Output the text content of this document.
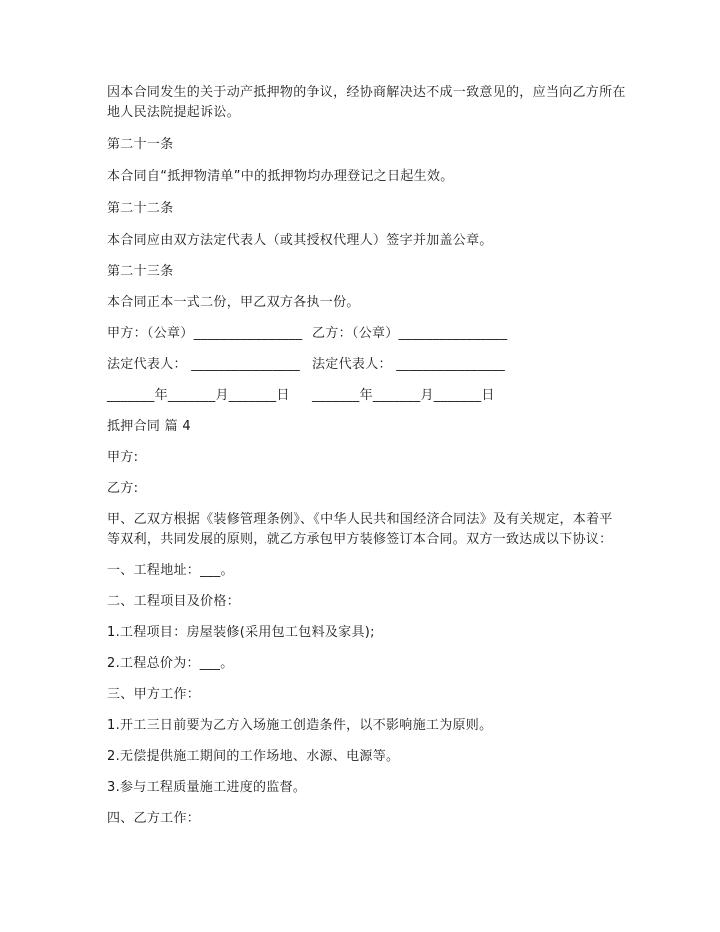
因本合同发生的关于动产抵押物的争议，经协商解决达不成一致意见的，应当向乙方所在
地人民法院提起诉讼。
第二十一条
本合同自“抵押物清单”中的抵押物均办理登记之日起生效。
第二十二条
本合同应由双方法定代表人（或其授权代理人）签字并加盖公章。
第二十三条
本合同正本一式二份，甲乙双方各执一份。
甲方：（公章）________________ 乙方：（公章）________________
法定代表人： ________________ 法定代表人： ________________
_______年_______月_______日 _______年_______月_______日
抵押合同 篇 4
甲方:
乙方:
甲、乙双方根据《装修管理条例》、《中华人民共和国经济合同法》及有关规定，本着平
等双利，共同发展的原则，就乙方承包甲方装修签订本合同。双方一致达成以下协议：
一、工程地址：___。
二、工程项目及价格：
1.工程项目：房屋装修(采用包工包料及家具);
2.工程总价为：___。
三、甲方工作：
1.开工三日前要为乙方入场施工创造条件，以不影响施工为原则。
2.无偿提供施工期间的工作场地、水源、电源等。
3.参与工程质量施工进度的监督。
四、乙方工作：
